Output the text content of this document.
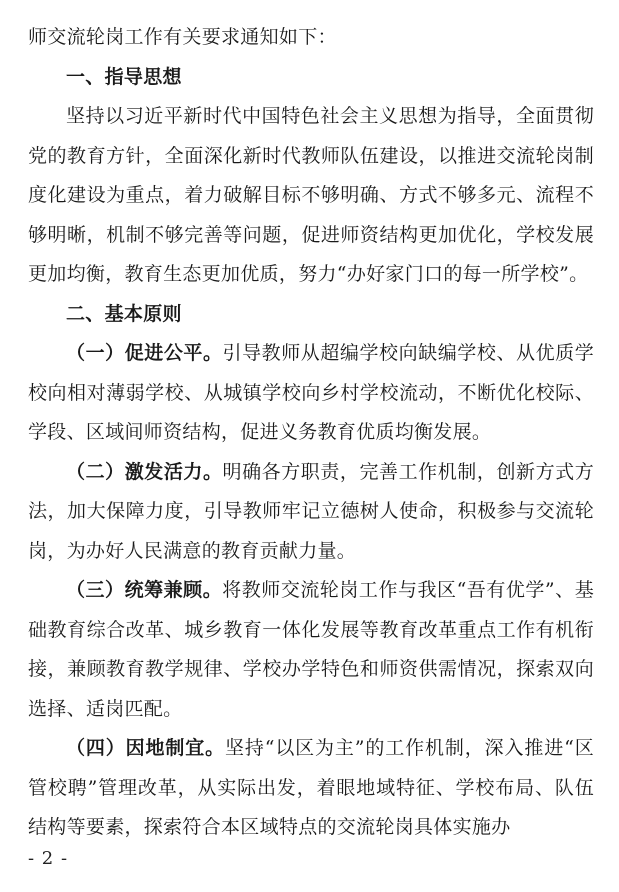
师交流轮岗工作有关要求通知如下：

一、指导思想

坚持以习近平新时代中国特色社会主义思想为指导，全面贯彻党的教育方针，全面深化新时代教师队伍建设，以推进交流轮岗制度化建设为重点，着力破解目标不够明确、方式不够多元、流程不够明晰，机制不够完善等问题，促进师资结构更加优化，学校发展更加均衡，教育生态更加优质，努力“办好家门口的每一所学校”。

二、基本原则

（一）促进公平。引导教师从超编学校向缺编学校、从优质学校向相对薄弱学校、从城镇学校向乡村学校流动，不断优化校际、学段、区域间师资结构，促进义务教育优质均衡发展。

（二）激发活力。明确各方职责，完善工作机制，创新方式方法，加大保障力度，引导教师牢记立德树人使命，积极参与交流轮岗，为办好人民满意的教育贡献力量。

（三）统筹兼顾。将教师交流轮岗工作与我区“吾有优学”、基础教育综合改革、城乡教育一体化发展等教育改革重点工作有机衔接，兼顾教育教学规律、学校办学特色和师资供需情况，探索双向选择、适岗匹配。

（四）因地制宜。坚持“以区为主”的工作机制，深入推进“区管校聘”管理改革，从实际出发，着眼地域特征、学校布局、队伍结构等要素，探索符合本区域特点的交流轮岗具体实施办

- 2 -
